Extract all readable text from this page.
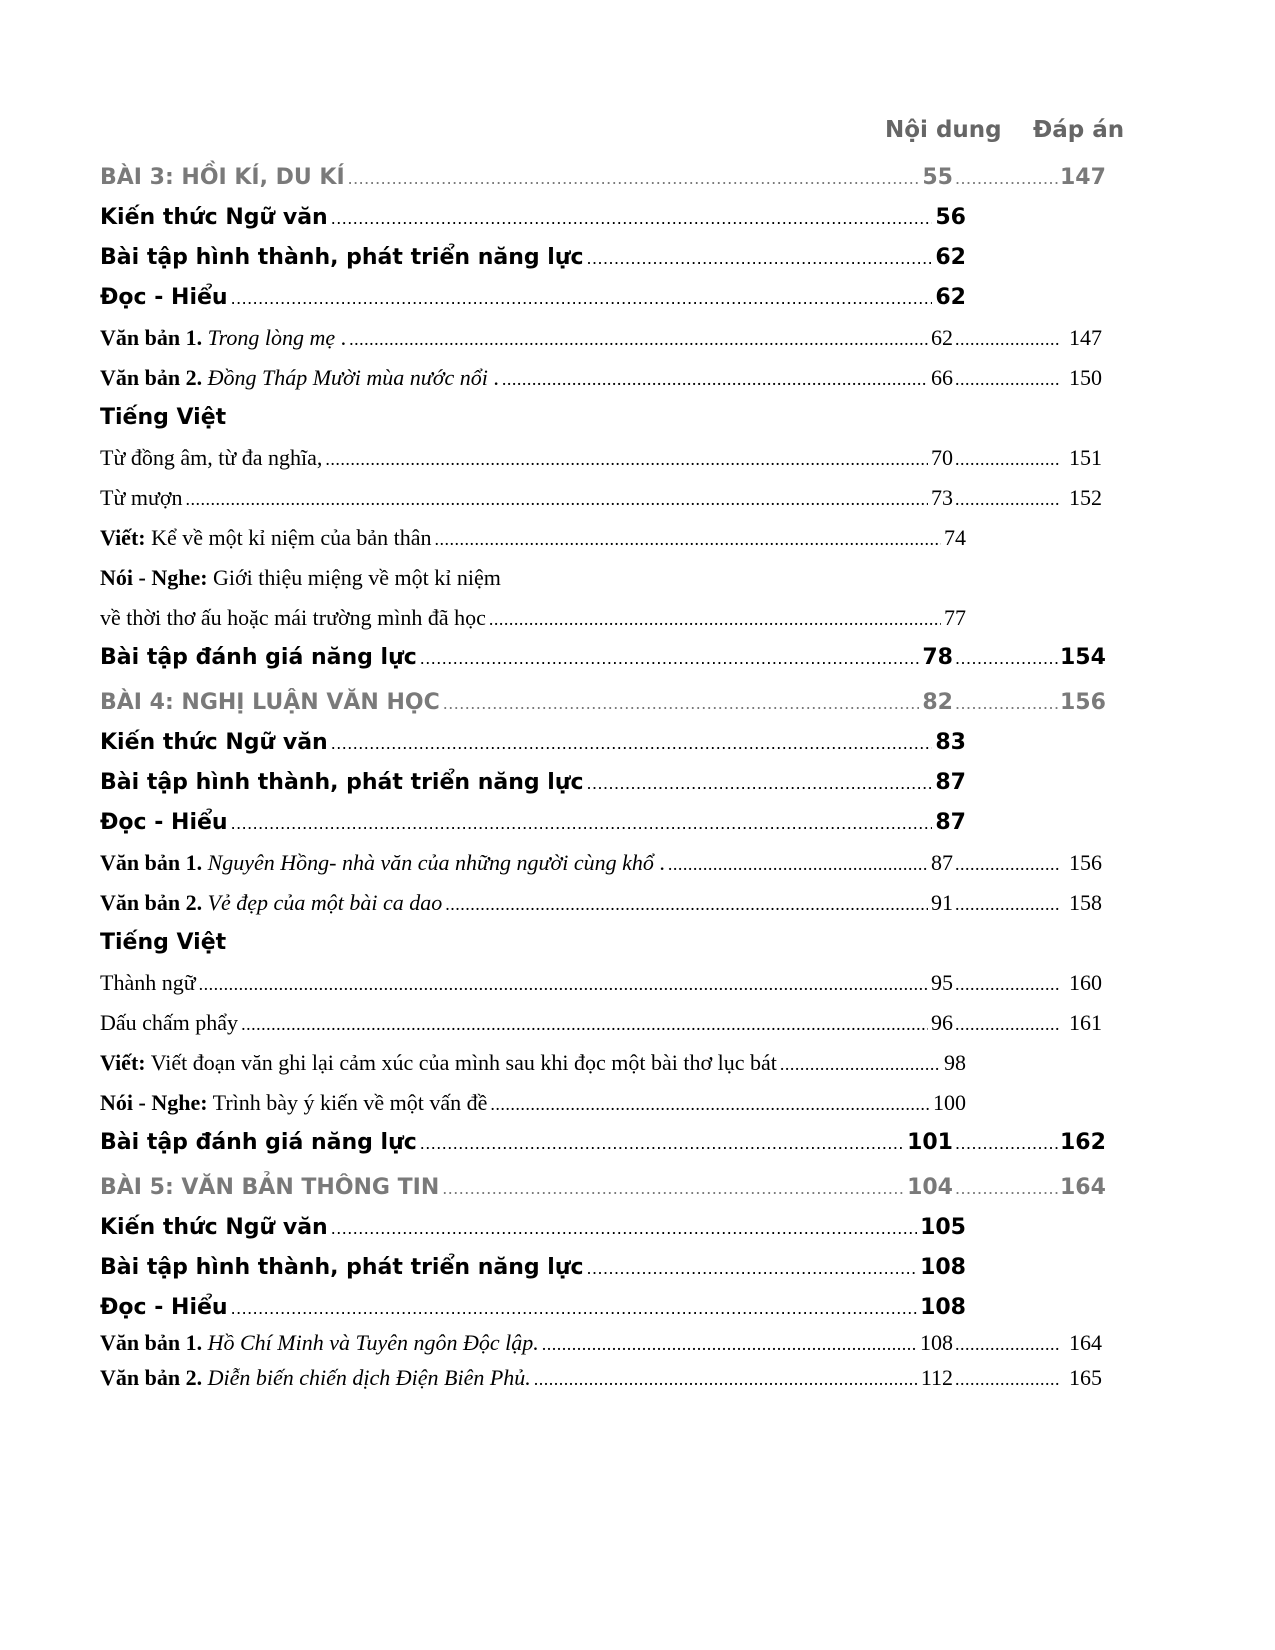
Nội dung Đáp án
BÀI 3: HỒI KÍ, DU KÍ .....	55 .....	147
Kiến thức Ngữ văn .....	56
Bài tập hình thành, phát triển năng lực .....	62
Đọc - Hiểu .....	62
Văn bản 1. Trong lòng mẹ . .....	62 .....	147
Văn bản 2. Đồng Tháp Mười mùa nước nổi . .....	66 .....	150
Tiếng Việt
Từ đồng âm, từ đa nghĩa, .....	70 .....	151
Từ mượn .....	73 .....	152
Viết: Kể về một kỉ niệm của bản thân .....	74
Nói - Nghe: Giới thiệu miệng về một kỉ niệm
về thời thơ ấu hoặc mái trường mình đã học .....	77
Bài tập đánh giá năng lực .....	78 .....	154
BÀI 4: NGHỊ LUẬN VĂN HỌC .....	82 .....	156
Kiến thức Ngữ văn .....	83
Bài tập hình thành, phát triển năng lực .....	87
Đọc - Hiểu .....	87
Văn bản 1. Nguyên Hồng- nhà văn của những người cùng khổ . .....	87 .....	156
Văn bản 2. Vẻ đẹp của một bài ca dao .....	91 .....	158
Tiếng Việt
Thành ngữ .....	95 .....	160
Dấu chấm phẩy .....	96 .....	161
Viết: Viết đoạn văn ghi lại cảm xúc của mình sau khi đọc một bài thơ lục bát .....	98
Nói - Nghe: Trình bày ý kiến về một vấn đề .....	100
Bài tập đánh giá năng lực .....	101 .....	162
BÀI 5: VĂN BẢN THÔNG TIN .....	104 .....	164
Kiến thức Ngữ văn .....	105
Bài tập hình thành, phát triển năng lực .....	108
Đọc - Hiểu .....	108
Văn bản 1. Hồ Chí Minh và Tuyên ngôn Độc lập. .....	108 .....	164
Văn bản 2. Diễn biến chiến dịch Điện Biên Phủ. .....	112 .....	165
